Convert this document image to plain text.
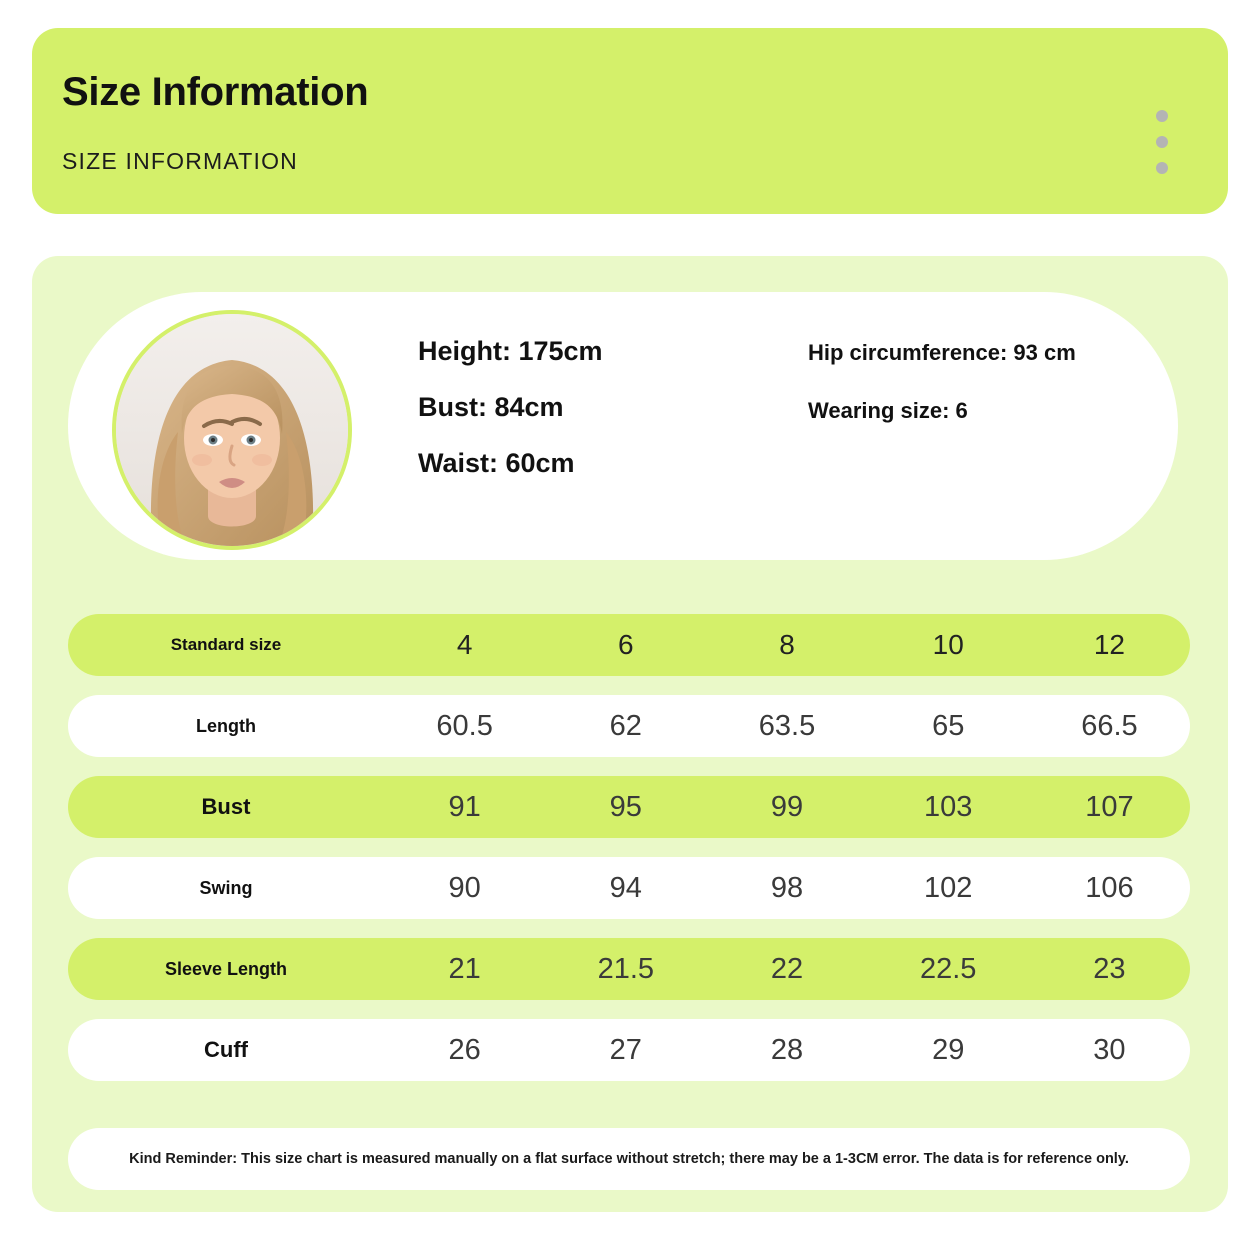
Size Information
SIZE INFORMATION
Height: 175cm
Bust: 84cm
Waist: 60cm
Hip circumference: 93 cm
Wearing size: 6
Standard size	4	6	8	10	12
Length	60.5	62	63.5	65	66.5
Bust	91	95	99	103	107
Swing	90	94	98	102	106
Sleeve Length	21	21.5	22	22.5	23
Cuff	26	27	28	29	30
Kind Reminder: This size chart is measured manually on a flat surface without stretch; there may be a 1-3CM error. The data is for reference only.
